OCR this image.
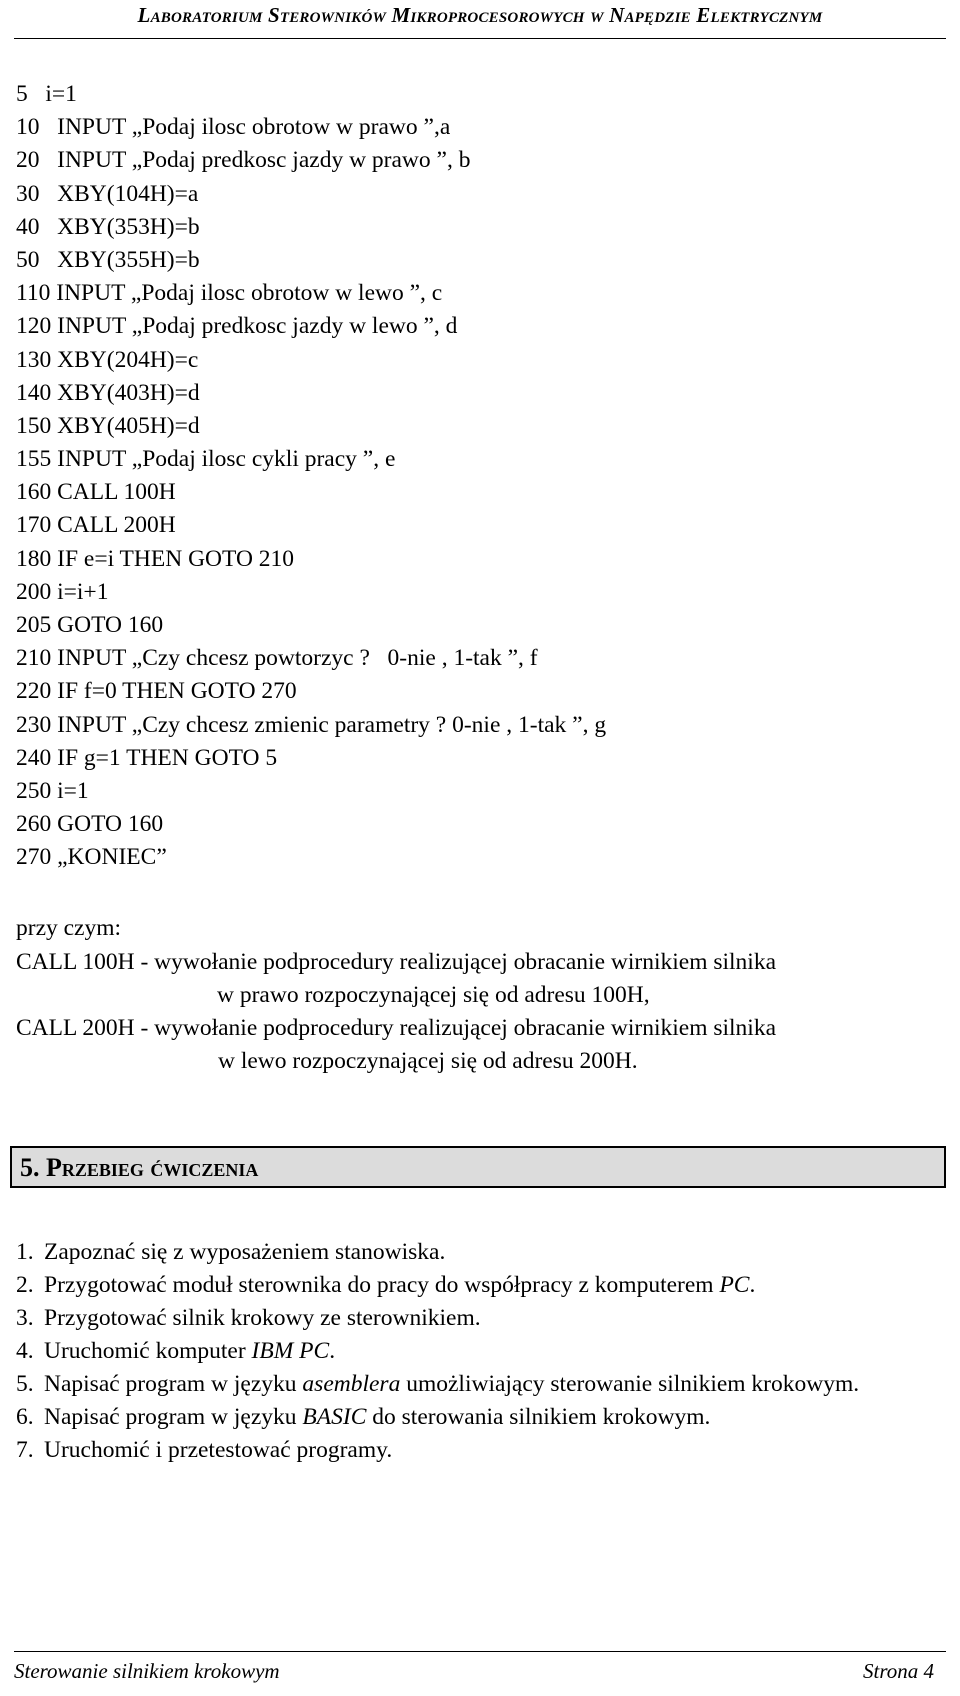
Laboratorium Sterowników Mikroprocesorowych w Napędzie Elektrycznym
5   i=1
10   INPUT „Podaj ilosc obrotow w prawo ”,a
20   INPUT „Podaj predkosc jazdy w prawo ”, b
30   XBY(104H)=a
40   XBY(353H)=b
50   XBY(355H)=b
110 INPUT „Podaj ilosc obrotow w lewo ”, c
120 INPUT „Podaj predkosc jazdy w lewo ”, d
130 XBY(204H)=c
140 XBY(403H)=d
150 XBY(405H)=d
155 INPUT „Podaj ilosc cykli pracy ”, e
160 CALL 100H
170 CALL 200H
180 IF e=i THEN GOTO 210
200 i=i+1
205 GOTO 160
210 INPUT „Czy chcesz powtorzyc ?   0-nie , 1-tak ”, f
220 IF f=0 THEN GOTO 270
230 INPUT „Czy chcesz zmienic parametry ? 0-nie , 1-tak ”, g
240 IF g=1 THEN GOTO 5
250 i=1
260 GOTO 160
270 „KONIEC”
przy czym:
CALL 100H - wywołanie podprocedury realizującej obracanie wirnikiem silnika
w prawo rozpoczynającej się od adresu 100H,
CALL 200H - wywołanie podprocedury realizującej obracanie wirnikiem silnika
w lewo rozpoczynającej się od adresu 200H.
5. Przebieg ćwiczenia
1. Zapoznać się z wyposażeniem stanowiska.
2. Przygotować moduł sterownika do pracy do współpracy z komputerem PC.
3. Przygotować silnik krokowy ze sterownikiem.
4. Uruchomić komputer IBM PC.
5. Napisać program w języku asemblera umożliwiający sterowanie silnikiem krokowym.
6. Napisać program w języku BASIC do sterowania silnikiem krokowym.
7. Uruchomić i przetestować programy.
Sterowanie silnikiem krokowym	Strona 4
